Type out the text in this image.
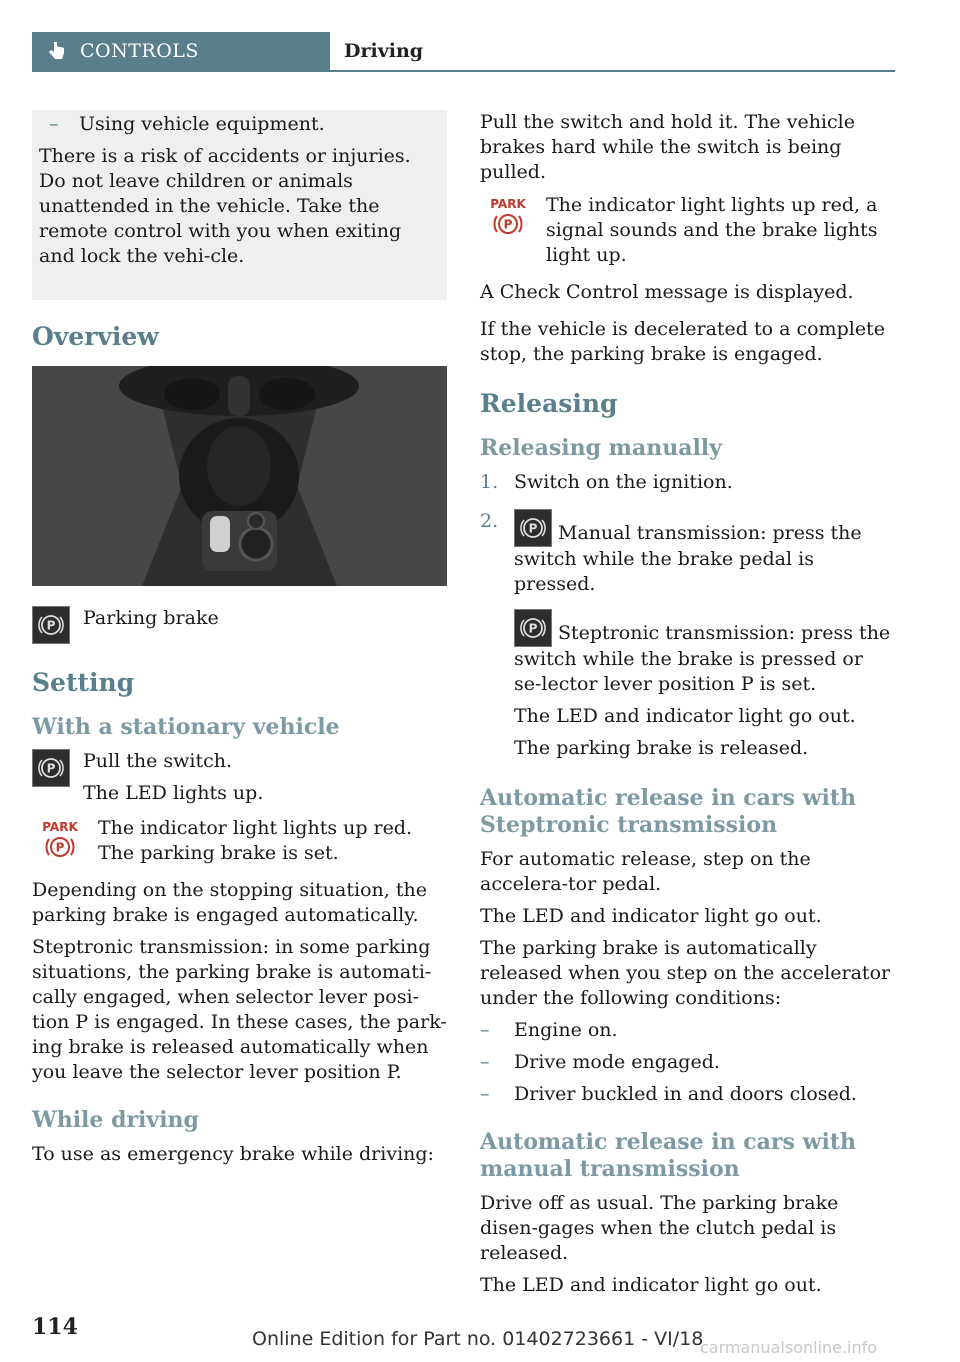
CONTROLS	Driving
– Using vehicle equipment.

There is a risk of accidents or injuries. Do not leave children or animals unattended in the vehicle. Take the remote control with you when exiting and lock the vehi-cle.

Overview
P Parking brake
Setting
With a stationary vehicle
P Pull the switch.

The LED lights up.

PARK
P

The indicator light lights up red. The parking brake is set.

Depending on the stopping situation, the parking brake is engaged automatically.

Steptronic transmission: in some parking situations, the parking brake is automati-cally engaged, when selector lever posi-tion P is engaged. In these cases, the park-ing brake is released automatically when you leave the selector lever position P.

While driving

To use as emergency brake while driving:

Pull the switch and hold it. The vehicle brakes hard while the switch is being pulled.

PARK
P

The indicator light lights up red, a signal sounds and the brake lights light up.

A Check Control message is displayed.

If the vehicle is decelerated to a complete stop, the parking brake is engaged.

Releasing
Releasing manually
1. Switch on the ignition.
2.	P Manual transmission: press the switch while the brake pedal is pressed.

P Steptronic transmission: press the switch while the brake is pressed or se-lector lever position P is set.

The LED and indicator light go out.

The parking brake is released.

Automatic release in cars with Steptronic transmission

For automatic release, step on the accelera-tor pedal.

The LED and indicator light go out.

The parking brake is automatically released when you step on the accelerator under the following conditions:

– Engine on.
– Drive mode engaged.
– Driver buckled in and doors closed.
Automatic release in cars with manual transmission

Drive off as usual. The parking brake disen-gages when the clutch pedal is released.

The LED and indicator light go out.

114	Online Edition for Part no. 01402723661 - VI/18
carmanualsonline.info
